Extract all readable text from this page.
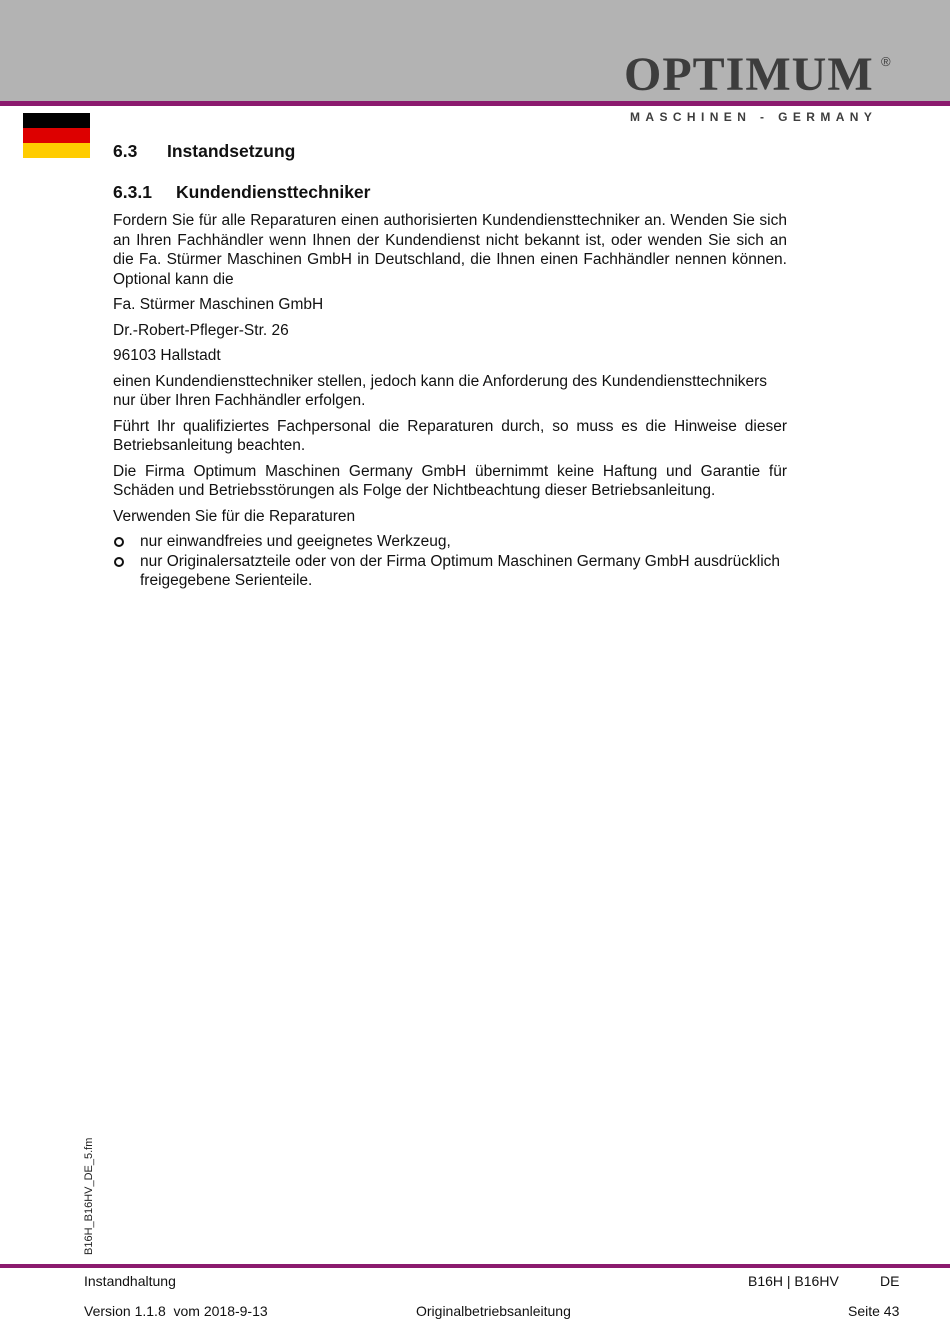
OPTIMUM ®
MASCHINEN - GERMANY
6.3 Instandsetzung
6.3.1 Kundendiensttechniker

Fordern Sie für alle Reparaturen einen authorisierten Kundendiensttechniker an. Wenden Sie sich an Ihren Fachhändler wenn Ihnen der Kundendienst nicht bekannt ist, oder wenden Sie sich an die Fa. Stürmer Maschinen GmbH in Deutschland, die Ihnen einen Fachhändler nennen können. Optional kann die

Fa. Stürmer Maschinen GmbH

Dr.-Robert-Pfleger-Str. 26

96103 Hallstadt

einen Kundendiensttechniker stellen, jedoch kann die Anforderung des Kundendiensttechnikers nur über Ihren Fachhändler erfolgen.

Führt Ihr qualifiziertes Fachpersonal die Reparaturen durch, so muss es die Hinweise dieser Betriebsanleitung beachten.

Die Firma Optimum Maschinen Germany GmbH übernimmt keine Haftung und Garantie für Schäden und Betriebsstörungen als Folge der Nichtbeachtung dieser Betriebsanleitung.

Verwenden Sie für die Reparaturen

nur einwandfreies und geeignetes Werkzeug,
nur Originalersatzteile oder von der Firma Optimum Maschinen Germany GmbH ausdrücklich freigegebene Serienteile.
B16H_B16HV_DE_5.fm
Instandhaltung	B16H | B16HV	DE
Version 1.1.8  vom 2018-9-13	Originalbetriebsanleitung	Seite 43
